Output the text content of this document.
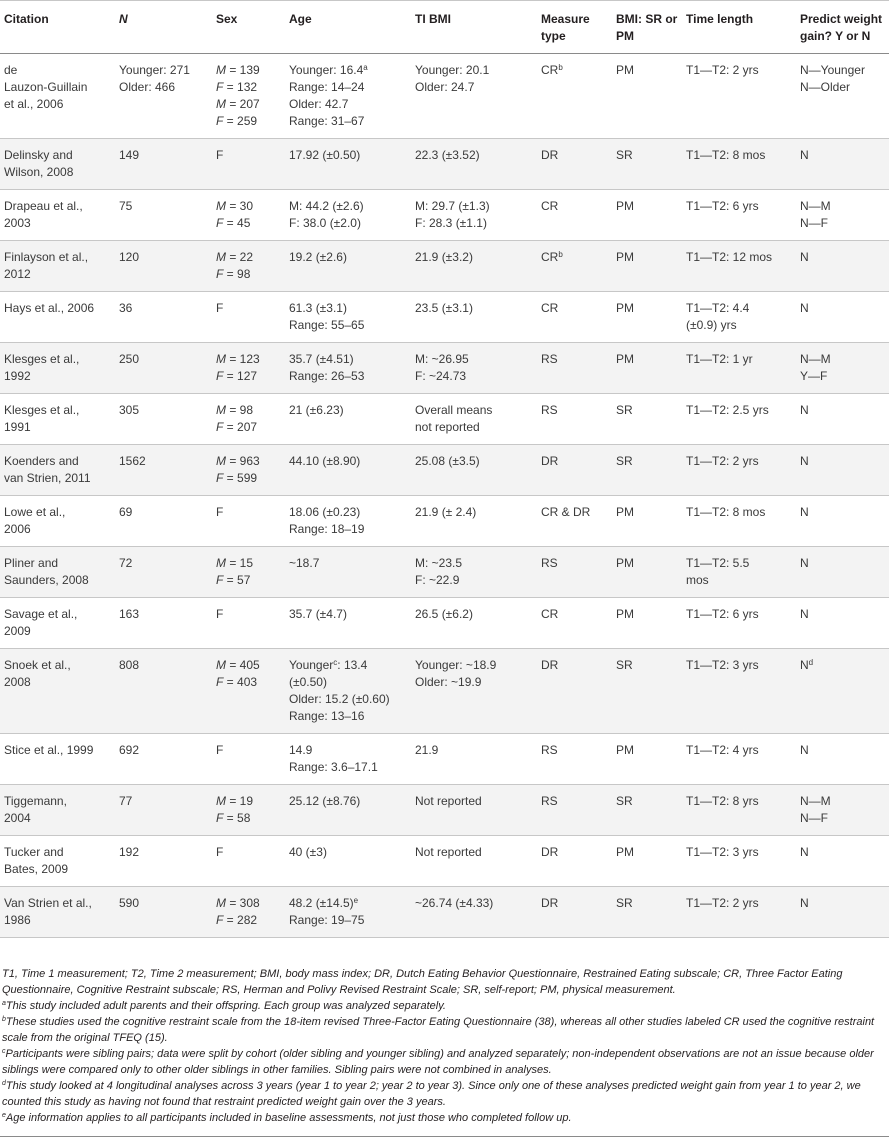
Citation	N	Sex	Age	TI BMI	Measure type	BMI: SR or PM	Time length	Predict weight gain? Y or N

de
Lauzon-Guillain
et al., 2006	Younger: 271
Older: 466	M = 139
F = 132
M = 207
F = 259	Younger: 16.4$^a$
Range: 14–24
Older: 42.7
Range: 31–67	Younger: 20.1
Older: 24.7	$CR^b$	PM	T1—T2: 2 yrs	N—Younger
N—Older

Delinsky and
Wilson, 2008	149	F	17.92 (±0.50)	22.3 (±3.52)	DR	SR	T1—T2: 8 mos	N

Drapeau et al.,
2003	75	M = 30
F = 45	M: 44.2 (±2.6)
F: 38.0 (±2.0)	M: 29.7 (±1.3)
F: 28.3 (±1.1)	CR	PM	T1—T2: 6 yrs	N—M
N—F

Finlayson et al.,
2012	120	M = 22
F = 98	19.2 (±2.6)	21.9 (±3.2)	$CR^b$	PM	T1—T2: 12 mos	N

Hays et al., 2006	36	F	61.3 (±3.1)
Range: 55–65	23.5 (±3.1)	CR	PM	T1—T2: 4.4
(±0.9) yrs	N

Klesges et al.,
1992	250	M = 123
F = 127	35.7 (±4.51)
Range: 26–53	M: ~26.95
F: ~24.73	RS	PM	T1—T2: 1 yr	N—M
Y—F

Klesges et al.,
1991	305	M = 98
F = 207	21 (±6.23)	Overall means
not reported	RS	SR	T1—T2: 2.5 yrs	N

Koenders and
van Strien, 2011	1562	M = 963
F = 599	44.10 (±8.90)	25.08 (±3.5)	DR	SR	T1—T2: 2 yrs	N

Lowe et al.,
2006	69	F	18.06 (±0.23)
Range: 18–19	21.9 (± 2.4)	CR & DR	PM	T1—T2: 8 mos	N

Pliner and
Saunders, 2008	72	M = 15
F = 57	~18.7	M: ~23.5
F: ~22.9	RS	PM	T1—T2: 5.5
mos	N

Savage et al.,
2009	163	F	35.7 (±4.7)	26.5 (±6.2)	CR	PM	T1—T2: 6 yrs	N

Snoek et al.,
2008	808	M = 405
F = 403	Younger$^c$: 13.4
(±0.50)
Older: 15.2 (±0.60)
Range: 13–16	Younger: ~18.9
Older: ~19.9	DR	SR	T1—T2: 3 yrs	$N^d$

Stice et al., 1999	692	F	14.9
Range: 3.6–17.1	21.9	RS	PM	T1—T2: 4 yrs	N

Tiggemann,
2004	77	M = 19
F = 58	25.12 (±8.76)	Not reported	RS	SR	T1—T2: 8 yrs	N—M
N—F

Tucker and
Bates, 2009	192	F	40 (±3)	Not reported	DR	PM	T1—T2: 3 yrs	N

Van Strien et al.,
1986	590	M = 308
F = 282	48.2 $(\pm 14.5)^e$
Range: 19–75	~26.74 (±4.33)	DR	SR	T1—T2: 2 yrs	N

T1, Time 1 measurement; T2, Time 2 measurement; BMI, body mass index; DR, Dutch Eating Behavior Questionnaire, Restrained Eating subscale; CR, Three Factor Eating Questionnaire, Cognitive Restraint subscale; RS, Herman and Polivy Revised Restraint Scale; SR, self-report; PM, physical measurement.

$^a$This study included adult parents and their offspring. Each group was analyzed separately.

$^b$These studies used the cognitive restraint scale from the 18-item revised Three-Factor Eating Questionnaire (38), whereas all other studies labeled CR used the cognitive restraint scale from the original TFEQ (15).

$^c$Participants were sibling pairs; data were split by cohort (older sibling and younger sibling) and analyzed separately; non-independent observations are not an issue because older siblings were compared only to other older siblings in other families. Sibling pairs were not combined in analyses.

$^d$This study looked at 4 longitudinal analyses across 3 years (year 1 to year 2; year 2 to year 3). Since only one of these analyses predicted weight gain from year 1 to year 2, we counted this study as having not found that restraint predicted weight gain over the 3 years.

$^e$Age information applies to all participants included in baseline assessments, not just those who completed follow up.
